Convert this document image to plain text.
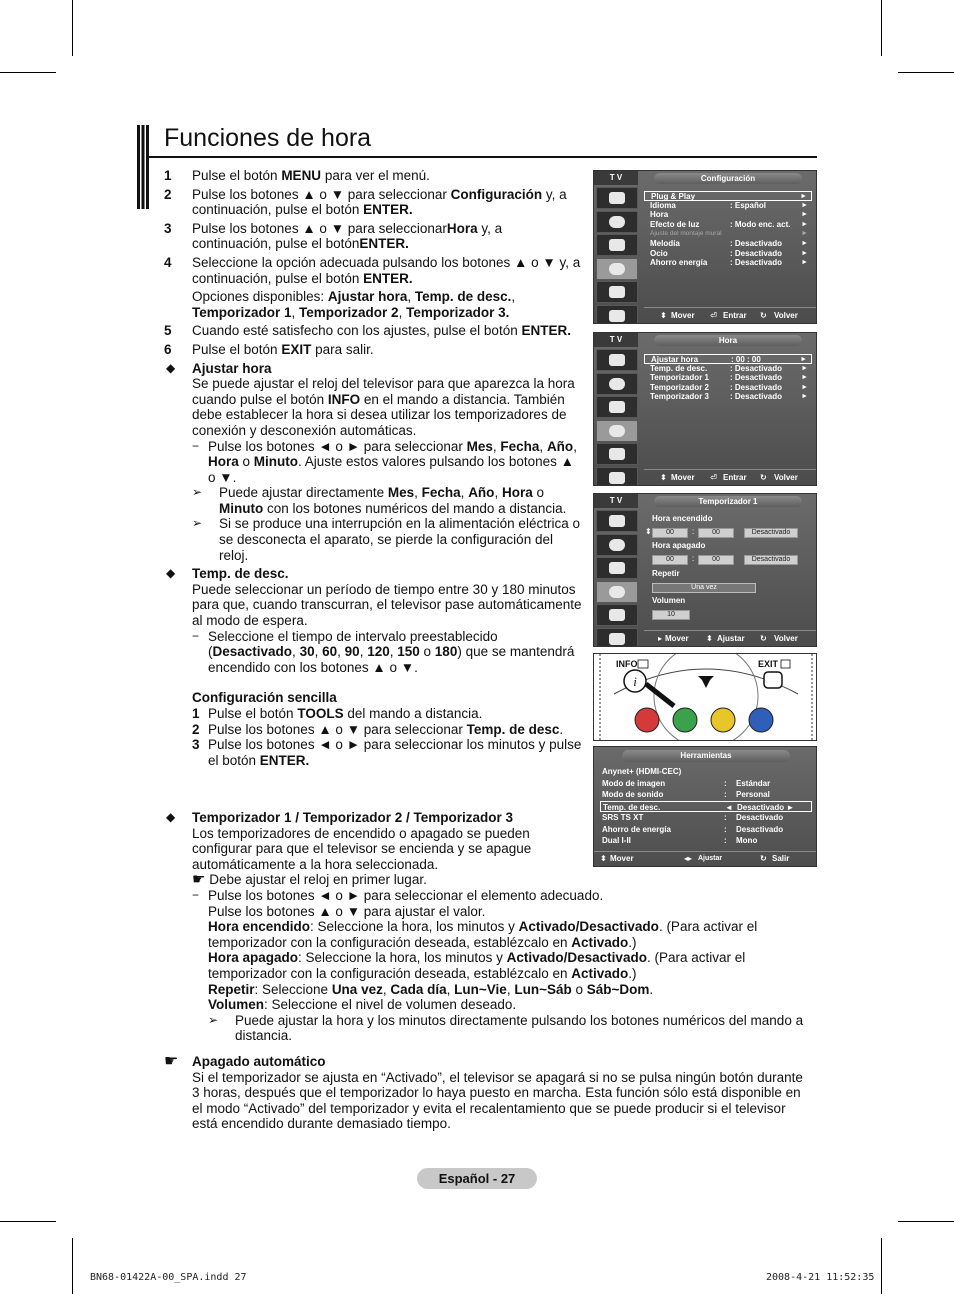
Funciones de hora
1 Pulse el botón MENU para ver el menú.
2 Pulse los botones ▲ o ▼ para seleccionar Configuración y, a continuación, pulse el botón ENTER.
3 Pulse los botones ▲ o ▼ para seleccionarHora y, a continuación, pulse el botónENTER.
4 Seleccione la opción adecuada pulsando los botones ▲ o ▼ y, a continuación, pulse el botón ENTER.
Opciones disponibles: Ajustar hora, Temp. de desc., Temporizador 1, Temporizador 2, Temporizador 3.
5 Cuando esté satisfecho con los ajustes, pulse el botón ENTER.
6 Pulse el botón EXIT para salir.
◆ Ajustar hora
Se puede ajustar el reloj del televisor para que aparezca la hora cuando pulse el botón INFO en el mando a distancia. También debe establecer la hora si desea utilizar los temporizadores de conexión y desconexión automáticas.
− Pulse los botones ◄ o ► para seleccionar Mes, Fecha, Año, Hora o Minuto. Ajuste estos valores pulsando los botones ▲ o ▼.
➢ Puede ajustar directamente Mes, Fecha, Año, Hora o Minuto con los botones numéricos del mando a distancia.
➢ Si se produce una interrupción en la alimentación eléctrica o se desconecta el aparato, se pierde la configuración del reloj.
◆ Temp. de desc.
Puede seleccionar un período de tiempo entre 30 y 180 minutos para que, cuando transcurran, el televisor pase automáticamente al modo de espera.
− Seleccione el tiempo de intervalo preestablecido (Desactivado, 30, 60, 90, 120, 150 o 180) que se mantendrá encendido con los botones ▲ o ▼.
Configuración sencilla
1 Pulse el botón TOOLS del mando a distancia.
2 Pulse los botones ▲ o ▼ para seleccionar Temp. de desc.
3 Pulse los botones ◄ o ► para seleccionar los minutos y pulse el botón ENTER.
◆ Temporizador 1 / Temporizador 2 / Temporizador 3
Los temporizadores de encendido o apagado se pueden configurar para que el televisor se encienda y se apague automáticamente a la hora seleccionada.
☛ Debe ajustar el reloj en primer lugar.
− Pulse los botones ◄ o ► para seleccionar el elemento adecuado.
Pulse los botones ▲ o ▼ para ajustar el valor.
Hora encendido: Seleccione la hora, los minutos y Activado/Desactivado. (Para activar el temporizador con la configuración deseada, establézcalo en Activado.)
Hora apagado: Seleccione la hora, los minutos y Activado/Desactivado. (Para activar el temporizador con la configuración deseada, establézcalo en Activado.)
Repetir: Seleccione Una vez, Cada día, Lun~Vie, Lun~Sáb o Sáb~Dom.
Volumen: Seleccione el nivel de volumen deseado.
➢ Puede ajustar la hora y los minutos directamente pulsando los botones numéricos del mando a distancia.
☛ Apagado automático
Si el temporizador se ajusta en “Activado”, el televisor se apagará si no se pulsa ningún botón durante 3 horas, después que el temporizador lo haya puesto en marcha. Esta función sólo está disponible en el modo “Activado” del temporizador y evita el recalentamiento que se puede producir si el televisor está encendido durante demasiado tiempo.
T V	Configuración
Plug & Play	►
Idioma	: Español	►
Hora	►
Efecto de luz	: Modo enc. act. ►
Ajuste del montaje mural	►
Melodía	: Desactivado	►
Ocio	: Desactivado	►
Ahorro energía	: Desactivado	►
⬍ Mover ⏎ Entrar ↻ Volver
T V	Hora
Ajustar hora	: 00 : 00	►
Temp. de desc.	: Desactivado	►
Temporizador 1	: Desactivado	►
Temporizador 2	: Desactivado	►
Temporizador 3	: Desactivado	►
⬍ Mover ⏎ Entrar ↻ Volver
T V	Temporizador 1
Hora encendido
⬍	00	:	00	Desactivado
Hora apagado
00	:	00	Desactivado
Repetir
Una vez
Volumen
10
▸ Mover ⬍ Ajustar ↻ Volver
i
INFO	EXIT
Herramientas
Anynet+ (HDMI-CEC)
Modo de imagen	: Estándar
Modo de sonido	: Personal
Temp. de desc.	◄ Desactivado ►
SRS TS XT	: Desactivado
Ahorro de energía	: Desactivado
Dual I-II	: Mono
⬍ Mover	◂▸ Ajustar	↻ Salir
Español - 27
BN68-01422A-00_SPA.indd 27	2008-4-21 11:52:35
